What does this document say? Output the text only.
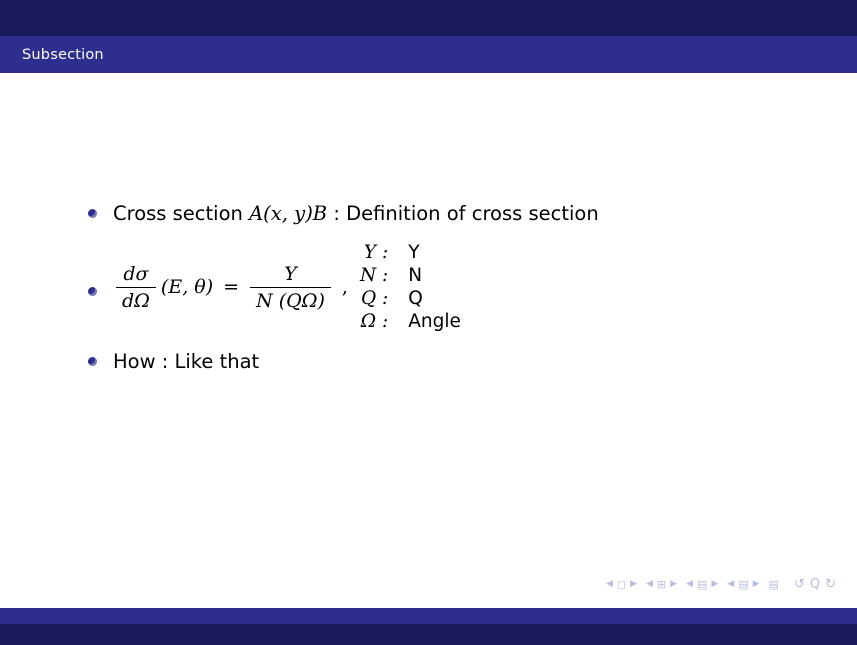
Subsection
Cross section A(x, y)B : Definition of cross section
$\frac{d\sigma}{d\Omega} (E$, $\theta) = \frac{Y}{N (Q\Omega)}$ ,
Y : Y
N : N
Q : Q
Ω : Angle
How : Like that
◀ ◻ ▶ ◀ ⊞ ▶ ◀ ▤ ▶ ◀ ▤ ▶ ▤ ↺ Q ↻
